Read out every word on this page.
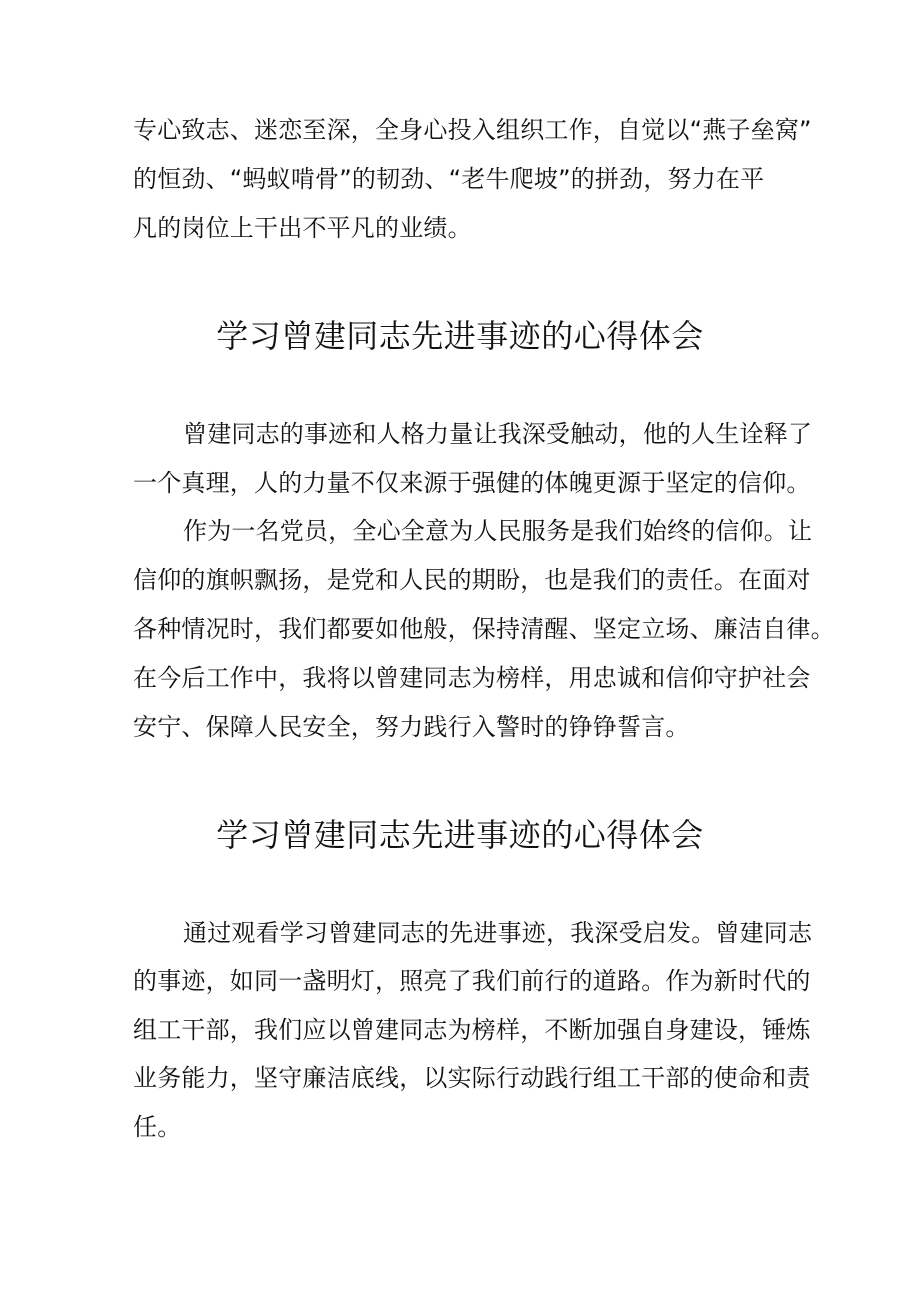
专心致志、迷恋至深，全身心投入组织工作，自觉以“燕子垒窝”
的恒劲、“蚂蚁啃骨”的韧劲、“老牛爬坡”的拼劲，努力在平
凡的岗位上干出不平凡的业绩。
学习曾建同志先进事迹的心得体会
曾建同志的事迹和人格力量让我深受触动，他的人生诠释了
一个真理，人的力量不仅来源于强健的体魄更源于坚定的信仰。
作为一名党员，全心全意为人民服务是我们始终的信仰。让
信仰的旗帜飘扬，是党和人民的期盼，也是我们的责任。在面对
各种情况时，我们都要如他般，保持清醒、坚定立场、廉洁自律。
在今后工作中，我将以曾建同志为榜样，用忠诚和信仰守护社会
安宁、保障人民安全，努力践行入警时的铮铮誓言。
学习曾建同志先进事迹的心得体会
通过观看学习曾建同志的先进事迹，我深受启发。曾建同志
的事迹，如同一盏明灯，照亮了我们前行的道路。作为新时代的
组工干部，我们应以曾建同志为榜样，不断加强自身建设，锤炼
业务能力，坚守廉洁底线，以实际行动践行组工干部的使命和责
任。
